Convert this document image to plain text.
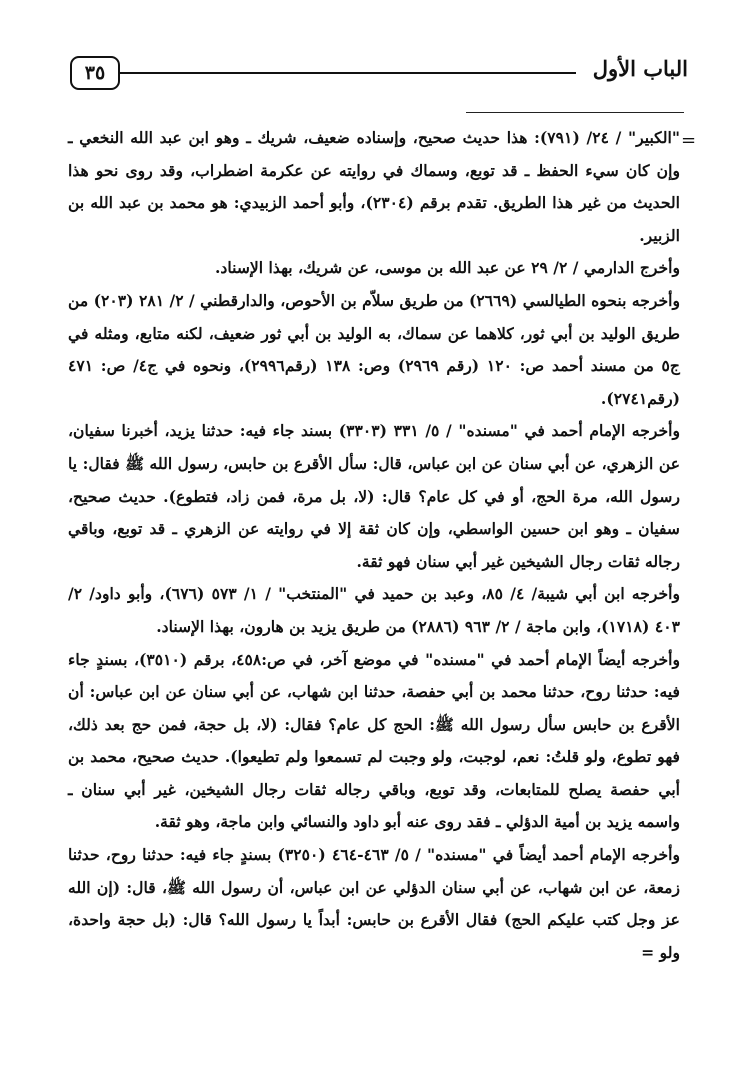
٣٥	الباب الأول
=

"الكبير" / ٢٤/ (٧٩١): هذا حديث صحيح، وإسناده ضعيف، شريك ـ وهو ابن عبد الله النخعي ـ وإن كان سيء الحفظ ـ قد توبع، وسماك في روايته عن عكرمة اضطراب، وقد روى نحو هذا الحديث من غير هذا الطريق. تقدم برقم (٢٣٠٤)، وأبو أحمد الزبيدي: هو محمد بن عبد الله بن الزبير.

وأخرج الدارمي / ٢/ ٢٩ عن عبد الله بن موسى، عن شريك، بهذا الإسناد.

وأخرجه بنحوه الطيالسي (٢٦٦٩) من طريق سلاّم بن الأحوص، والدارقطني / ٢/ ٢٨١ (٢٠٣) من طريق الوليد بن أبي ثور، كلاهما عن سماك، به الوليد بن أبي ثور ضعيف، لكنه متابع، ومثله في ج٥ من مسند أحمد ص: ١٢٠ (رقم ٢٩٦٩) وص: ١٣٨ (رقم٢٩٩٦)، ونحوه في ج٤/ ص: ٤٧١ (رقم٢٧٤١).

وأخرجه الإمام أحمد في "مسنده" / ٥/ ٣٣١ (٣٣٠٣) بسند جاء فيه: حدثنا يزيد، أخبرنا سفيان، عن الزهري، عن أبي سنان عن ابن عباس، قال: سأل الأقرع بن حابس، رسول الله ﷺ فقال: يا رسول الله، مرة الحج، أو في كل عام؟ قال: (لا، بل مرة، فمن زاد، فتطوع). حديث صحيح، سفيان ـ وهو ابن حسين الواسطي، وإن كان ثقة إلا في روايته عن الزهري ـ قد توبع، وباقي رجاله ثقات رجال الشيخين غير أبي سنان فهو ثقة.

وأخرجه ابن أبي شيبة/ ٤/ ٨٥، وعبد بن حميد في "المنتخب" / ١/ ٥٧٣ (٦٧٦)، وأبو داود/ ٢/ ٤٠٣ (١٧١٨)، وابن ماجة / ٢/ ٩٦٣ (٢٨٨٦) من طريق يزيد بن هارون، بهذا الإسناد.

وأخرجه أيضاً الإمام أحمد في "مسنده" في موضع آخر، في ص:٤٥٨، برقم (٣٥١٠)، بسندٍ جاء فيه: حدثنا روح، حدثنا محمد بن أبي حفصة، حدثنا ابن شهاب، عن أبي سنان عن ابن عباس: أن الأقرع بن حابس سأل رسول الله ﷺ: الحج كل عام؟ فقال: (لا، بل حجة، فمن حج بعد ذلك، فهو تطوع، ولو قلتُ: نعم، لوجبت، ولو وجبت لم تسمعوا ولم تطيعوا). حديث صحيح، محمد بن أبي حفصة يصلح للمتابعات، وقد توبع، وباقي رجاله ثقات رجال الشيخين، غير أبي سنان ـ واسمه يزيد بن أمية الدؤلي ـ فقد روى عنه أبو داود والنسائي وابن ماجة، وهو ثقة.

وأخرجه الإمام أحمد أيضاً في "مسنده" / ٥/ ٤٦٣-٤٦٤ (٣٢٥٠) بسندٍ جاء فيه: حدثنا روح، حدثنا زمعة، عن ابن شهاب، عن أبي سنان الدؤلي عن ابن عباس، أن رسول الله ﷺ، قال: (إن الله عز وجل كتب عليكم الحج) فقال الأقرع بن حابس: أبداً يا رسول الله؟ قال: (بل حجة واحدة، ولو =
